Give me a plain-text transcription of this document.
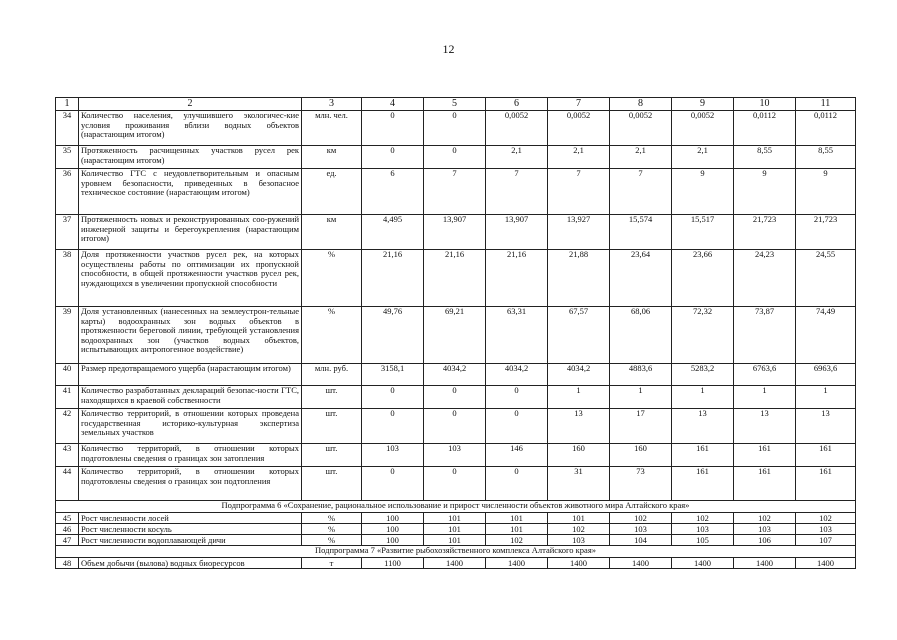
12
1	2	3	4	5	6	7	8	9	10	11
34	Количество населения, улучшившего экологичес-кие условия проживания вблизи водных объектов (нарастающим итогом)	млн. чел.	0	0	0,0052	0,0052	0,0052	0,0052	0,0112	0,0112
35	Протяженность расчищенных участков русел рек (нарастающим итогом)	км	0	0	2,1	2,1	2,1	2,1	8,55	8,55
36	Количество ГТС с неудовлетворительным и опасным уровнем безопасности, приведенных в безопасное техническое состояние (нарастающим итогом)	ед.	6	7	7	7	7	9	9	9
37	Протяженность новых и реконструированных соо-ружений инженерной защиты и берегоукрепления (нарастающим итогом)	км	4,495	13,907	13,907	13,927	15,574	15,517	21,723	21,723
38	Доля протяженности участков русел рек, на которых осуществлены работы по оптимизации их пропускной способности, в общей протяженности участков русел рек, нуждающихся в увеличении пропускной способности	%	21,16	21,16	21,16	21,88	23,64	23,66	24,23	24,55
39	Доля установленных (нанесенных на землеустрон-тельные карты) водоохранных зон водных объектов в протяженности береговой линии, требующей установления водоохранных зон (участков водных объектов, испытывающих антропогенное воздействие)	%	49,76	69,21	63,31	67,57	68,06	72,32	73,87	74,49
40	Размер предотвращаемого ущерба (нарастающим итогом)	млн. руб.	3158,1	4034,2	4034,2	4034,2	4883,6	5283,2	6763,6	6963,6
41	Количество разработанных деклараций безопас-ности ГТС, находящихся в краевой собственности	шт.	0	0	0	1	1	1	1	1
42	Количество территорий, в отношении которых проведена государственная историко-культурная экспертиза земельных участков	шт.	0	0	0	13	17	13	13	13
43	Количество территорий, в отношении которых подготовлены сведения о границах зон затопления	шт.	103	103	146	160	160	161	161	161
44	Количество территорий, в отношении которых подготовлены сведения о границах зон подтопления	шт.	0	0	0	31	73	161	161	161
Подпрограмма 6 «Сохранение, рациональное использование и прирост численности объектов животного мира Алтайского края»										
45	Рост численности лосей	%	100	101	101	101	102	102	102	102
46	Рост численности косуль	%	100	101	101	102	103	103	103	103
47	Рост численности водоплавающей дичи	%	100	101	102	103	104	105	106	107
Подпрограмма 7 «Развитие рыбохозяйственного комплекса Алтайского края»										
48	Объем добычи (вылова) водных биоресурсов	т	1100	1400	1400	1400	1400	1400	1400	1400
